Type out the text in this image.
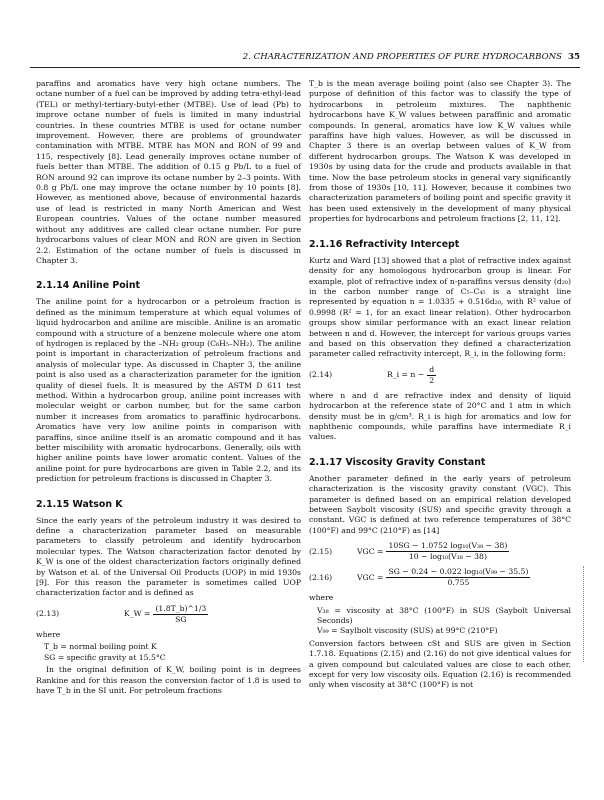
2. CHARACTERIZATION AND PROPERTIES OF PURE HYDROCARBONS 35

paraffins and aromatics have very high octane numbers. The octane number of a fuel can be improved by adding tetra-ethyl-lead (TEL) or methyl-tertiary-butyl-ether (MTBE). Use of lead (Pb) to improve octane number of fuels is limited in many industrial countries. In these countries MTBE is used for octane number improvement. However, there are problems of groundwater contamination with MTBE. MTBE has MON and RON of 99 and 115, respectively [8]. Lead generally improves octane number of fuels better than MTBE. The addition of 0.15 g Pb/L to a fuel of RON around 92 can improve its octane number by 2–3 points. With 0.8 g Pb/L one may improve the octane number by 10 points [8]. However, as mentioned above, because of environmental hazards use of lead is restricted in many North American and West European countries. Values of the octane number measured without any additives are called clear octane number. For pure hydrocarbons values of clear MON and RON are given in Section 2.2. Estimation of the octane number of fuels is discussed in Chapter 3.

2.1.14 Aniline Point

The aniline point for a hydrocarbon or a petroleum fraction is defined as the minimum temperature at which equal volumes of liquid hydrocarbon and aniline are miscible. Aniline is an aromatic compound with a structure of a benzene molecule where one atom of hydrogen is replaced by the –NH₂ group (C₆H₅–NH₂). The aniline point is important in characterization of petroleum fractions and analysis of molecular type. As discussed in Chapter 3, the aniline point is also used as a characterization parameter for the ignition quality of diesel fuels. It is measured by the ASTM D 611 test method. Within a hydrocarbon group, aniline point increases with molecular weight or carbon number, but for the same carbon number it increases from aromatics to paraffinic hydrocarbons. Aromatics have very low aniline points in comparison with paraffins, since aniline itself is an aromatic compound and it has better miscibility with aromatic hydrocarbons. Generally, oils with higher aniline points have lower aromatic content. Values of the aniline point for pure hydrocarbons are given in Table 2.2, and its prediction for petroleum fractions is discussed in Chapter 3.

2.1.15 Watson K

Since the early years of the petroleum industry it was desired to define a characterization parameter based on measurable parameters to classify petroleum and identify hydrocarbon molecular types. The Watson characterization factor denoted by K_W is one of the oldest characterization factors originally defined by Watson et al. of the Universal Oil Products (UOP) in mid 1930s [9]. For this reason the parameter is sometimes called UOP characterization factor and is defined as

(2.13)	K_W = $\frac{(1.8T\_b)\^{}1/3}{SG}$

where

T_b = normal boiling point K

SG = specific gravity at 15.5°C

In the original definition of K_W, boiling point is in degrees Rankine and for this reason the conversion factor of 1.8 is used to have T_b in the SI unit. For petroleum fractions

T_b is the mean average boiling point (also see Chapter 3). The purpose of definition of this factor was to classify the type of hydrocarbons in petroleum mixtures. The naphthenic hydrocarbons have K_W values between paraffinic and aromatic compounds. In general, aromatics have low K_W values while paraffins have high values. However, as will be discussed in Chapter 3 there is an overlap between values of K_W from different hydrocarbon groups. The Watson K was developed in 1930s by using data for the crude and products available in that time. Now the base petroleum stocks in general vary significantly from those of 1930s [10, 11]. However, because it combines two characterization parameters of boiling point and specific gravity it has been used extensively in the development of many physical properties for hydrocarbons and petroleum fractions [2, 11, 12].

2.1.16 Refractivity Intercept

Kurtz and Ward [13] showed that a plot of refractive index against density for any homologous hydrocarbon group is linear. For example, plot of refractive index of n-paraffins versus density (d₂₀) in the carbon number range of C₅–C₄₅ is a straight line represented by equation n = 1.0335 + 0.516d₂₀, with R² value of 0.9998 (R² = 1, for an exact linear relation). Other hydrocarbon groups show similar performance with an exact linear relation between n and d. However, the intercept for various groups varies and based on this observation they defined a characterization parameter called refractivity intercept, R_i, in the following form:

(2.14)	R_i = $n - \frac{d}{2}$

where n and d are refractive index and density of liquid hydrocarbon at the reference state of 20°C and 1 atm in which density must be in g/cm³. R_i is high for aromatics and low for naphthenic compounds, while paraffins have intermediate R_i values.

2.1.17 Viscosity Gravity Constant

Another parameter defined in the early years of petroleum characterization is the viscosity gravity constant (VGC). This parameter is defined based on an empirical relation developed between Saybolt viscosity (SUS) and specific gravity through a constant. VGC is defined at two reference temperatures of 38°C (100°F) and 99°C (210°F) as [14]

(2.15)	VGC = $\frac{\text{10SG − 1.0752 log₁₀(V₃₈ − 38)}}{\text{10 − log₁₀(V₃₈ − 38)}}$
(2.16)	VGC = $\frac{\text{SG − 0.24 − 0.022 log₁₀(V₉₉ − 35.5)}}{0.755}$

where

V₃₈ = viscosity at 38°C (100°F) in SUS (Saybolt Universal Seconds)

V₉₉ = Saylbolt viscosity (SUS) at 99°C (210°F)

Conversion factors between cSt and SUS are given in Section 1.7.18. Equations (2.15) and (2.16) do not give identical values for a given compound but calculated values are close to each other, except for very low viscosity oils. Equation (2.16) is recommended only when viscosity at 38°C (100°F) is not
